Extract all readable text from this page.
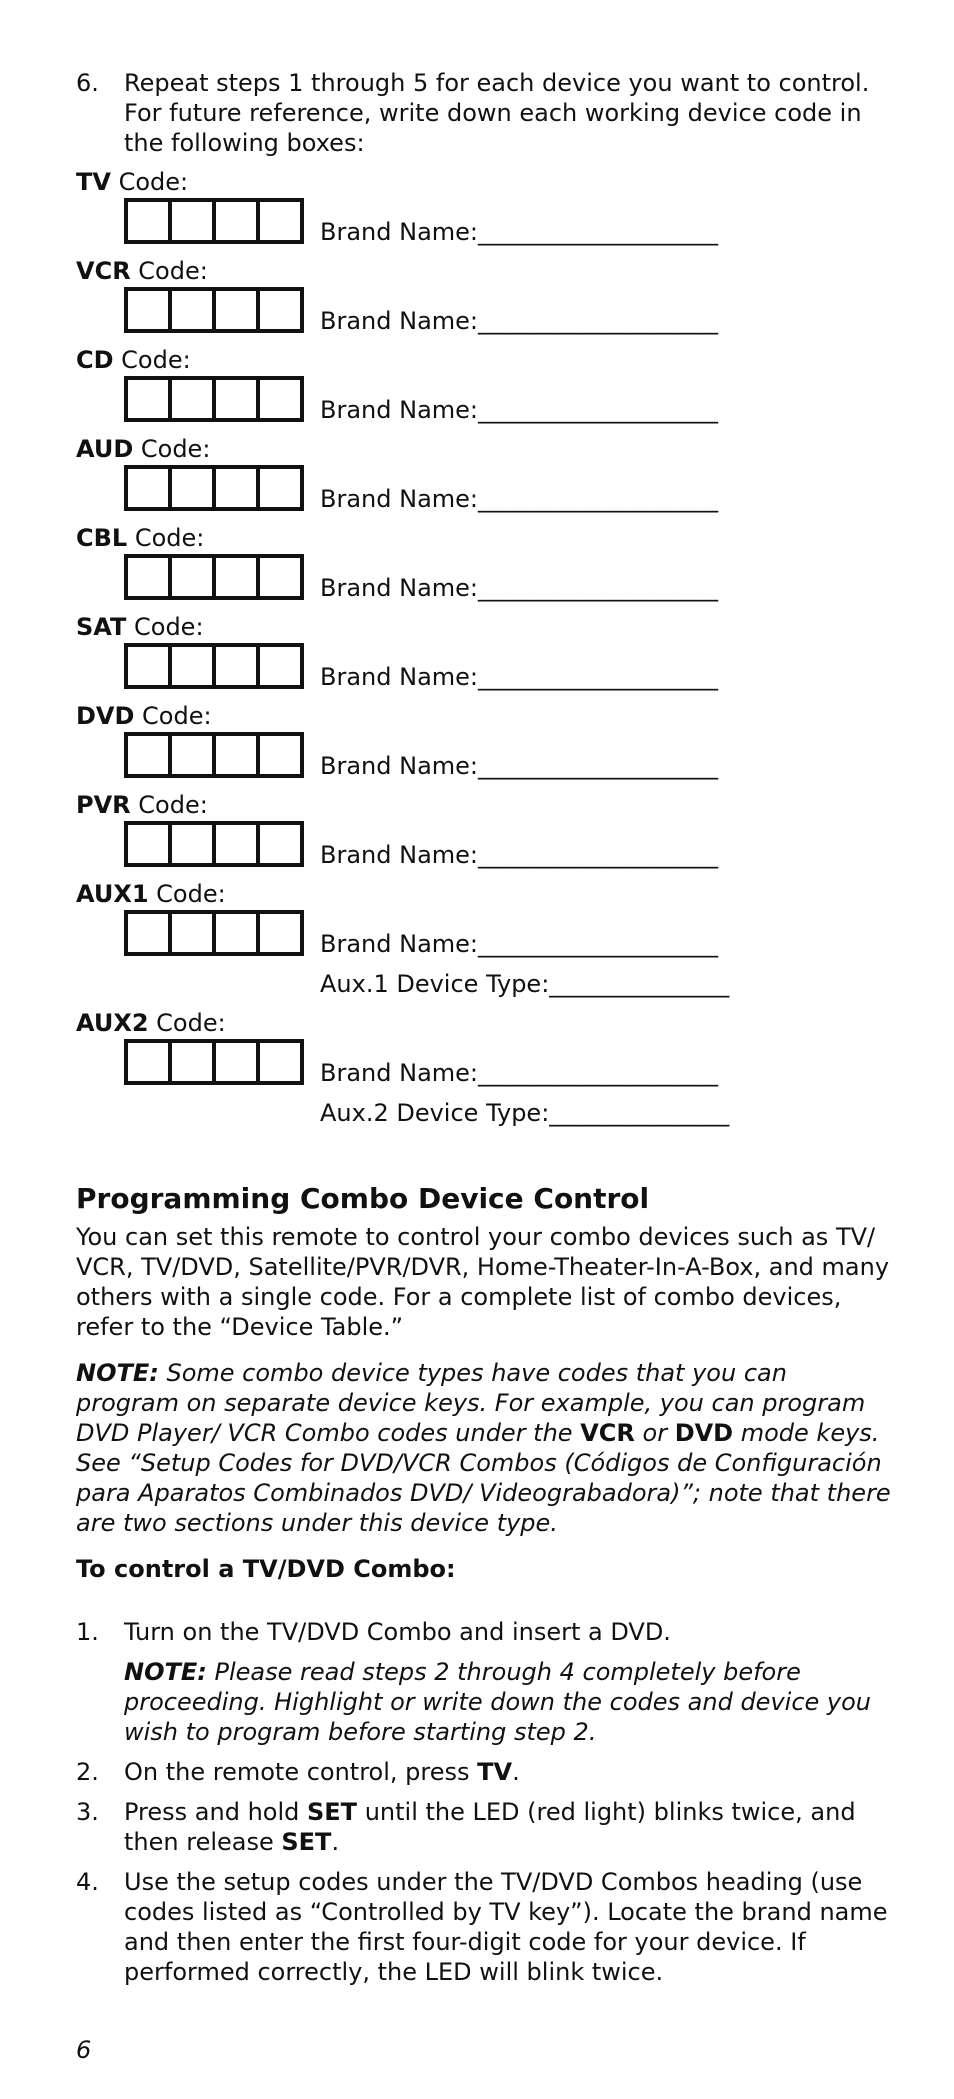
6. Repeat steps 1 through 5 for each device you want to control. For future reference, write down each working device code in the following boxes:
TV Code:
Brand Name:____________________
VCR Code:
Brand Name:____________________
CD Code:
Brand Name:____________________
AUD Code:
Brand Name:____________________
CBL Code:
Brand Name:____________________
SAT Code:
Brand Name:____________________
DVD Code:
Brand Name:____________________
PVR Code:
Brand Name:____________________
AUX1 Code:
Brand Name:____________________
Aux.1 Device Type:_______________
AUX2 Code:
Brand Name:____________________
Aux.2 Device Type:_______________
Programming Combo Device Control
You can set this remote to control your combo devices such as TV/ VCR, TV/DVD, Satellite/PVR/DVR, Home-Theater-In-A-Box, and many others with a single code. For a complete list of combo devices, refer to the “Device Table.”
NOTE: Some combo device types have codes that you can program on separate device keys. For example, you can program DVD Player/ VCR Combo codes under the VCR or DVD mode keys. See “Setup Codes for DVD/VCR Combos (Códigos de Configuración para Aparatos Combinados DVD/ Videograbadora)”; note that there are two sections under this device type.
To control a TV/DVD Combo:
1. Turn on the TV/DVD Combo and insert a DVD.
NOTE: Please read steps 2 through 4 completely before proceeding. Highlight or write down the codes and device you wish to program before starting step 2.
2. On the remote control, press TV.
3. Press and hold SET until the LED (red light) blinks twice, and then release SET.
4. Use the setup codes under the TV/DVD Combos heading (use codes listed as “Controlled by TV key”). Locate the brand name and then enter the first four-digit code for your device. If performed correctly, the LED will blink twice.
6
